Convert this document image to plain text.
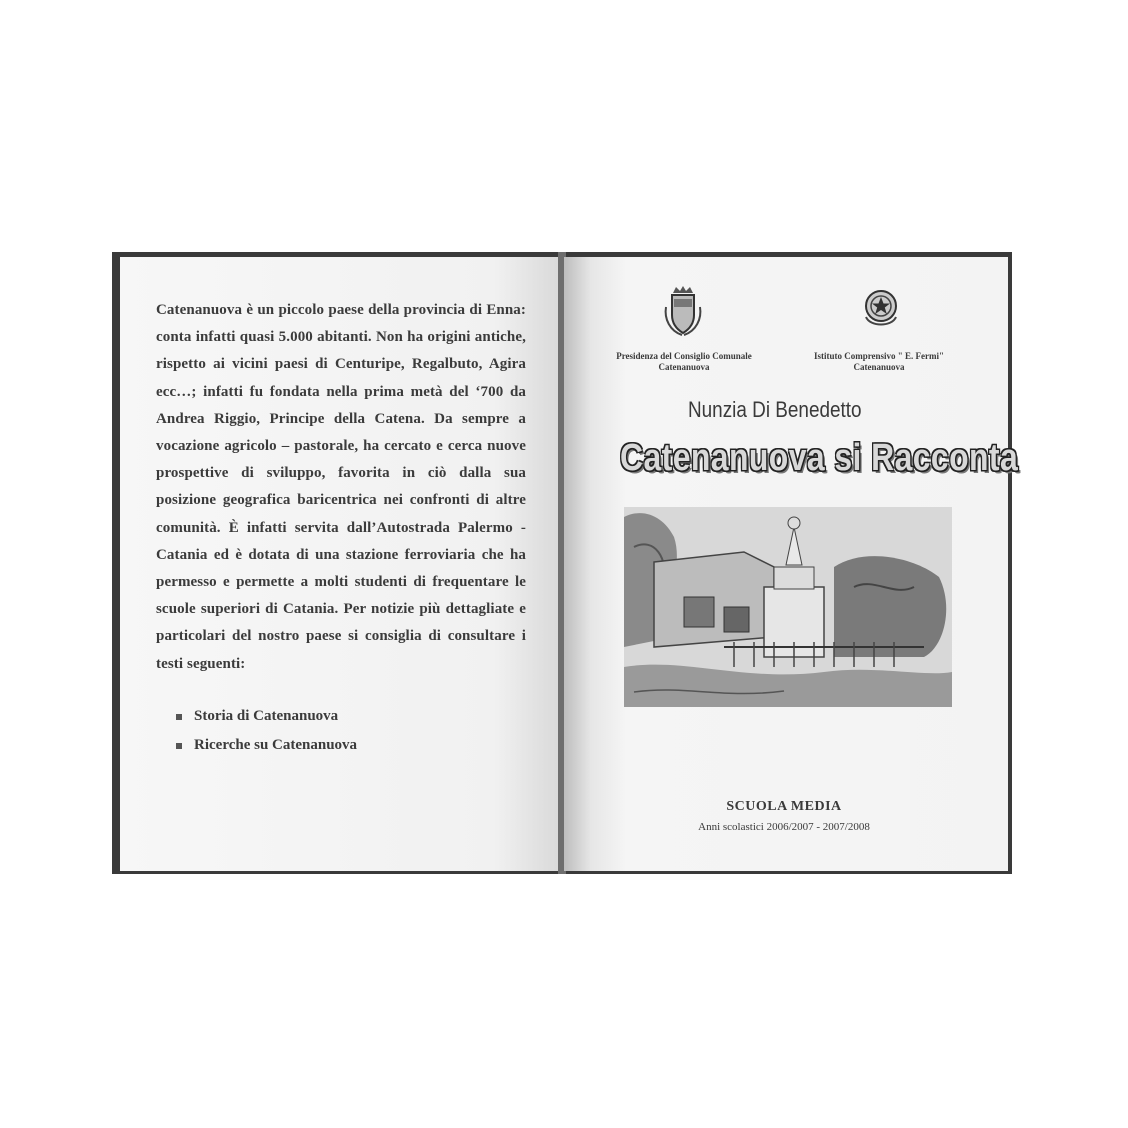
Catenanuova è un piccolo paese della provincia di Enna: conta infatti quasi 5.000 abitanti. Non ha origini antiche, rispetto ai vicini paesi di Centuripe, Regalbuto, Agira ecc…; infatti fu fondata nella prima metà del ‘700 da Andrea Riggio, Principe della Catena. Da sempre a vocazione agricolo – pastorale, ha cercato e cerca nuove prospettive di sviluppo, favorita in ciò dalla sua posizione geografica baricentrica nei confronti di altre comunità. È infatti servita dall’Autostrada Palermo - Catania ed è dotata di una stazione ferroviaria che ha permesso e permette a molti studenti di frequentare le scuole superiori di Catania. Per notizie più dettagliate e particolari del nostro paese si consiglia di consultare i testi seguenti:
Storia di Catenanuova
Ricerche su Catenanuova
Presidenza del Consiglio Comunale
Catenanuova
Istituto Comprensivo " E. Fermi"
Catenanuova
Nunzia Di Benedetto
Catenanuova si Racconta
SCUOLA MEDIA
Anni scolastici 2006/2007 - 2007/2008
